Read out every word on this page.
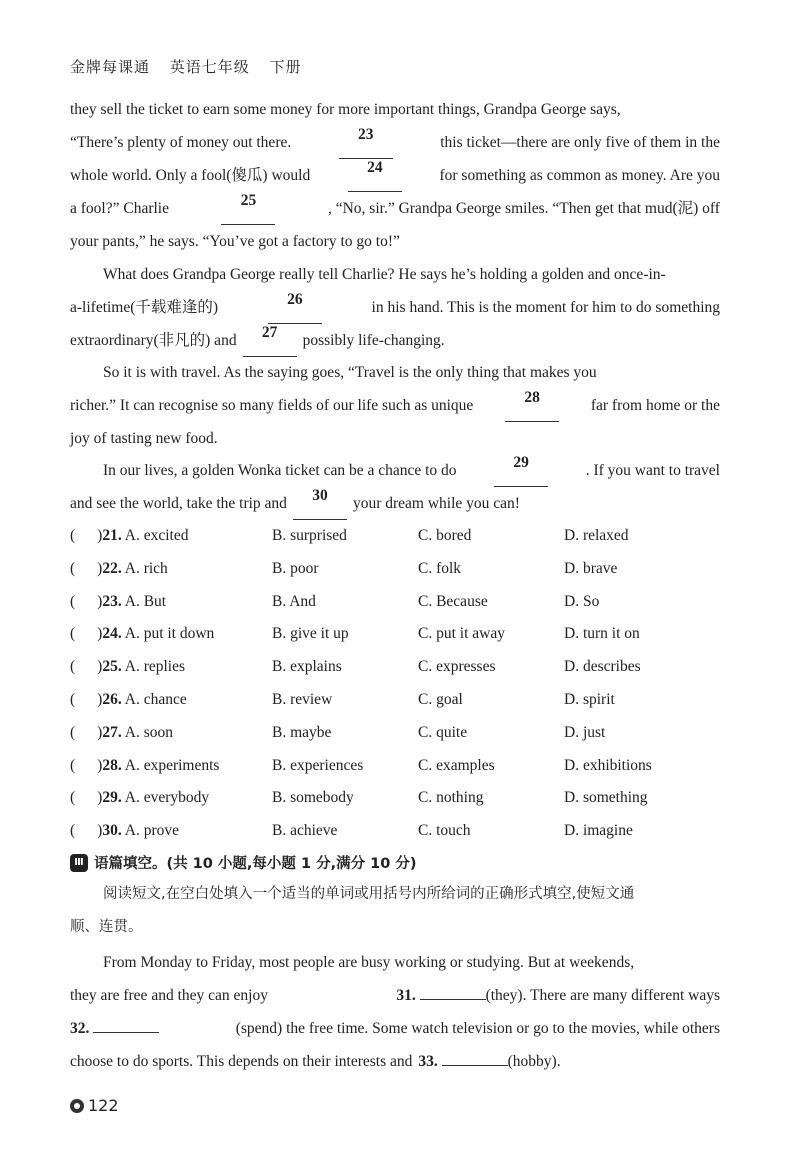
金牌每课通 英语七年级 下册
they sell the ticket to earn some money for more important things, Grandpa George says,
“There’s plenty of money out there.	23	this ticket—there are only five of them in the
whole world. Only a fool(傻瓜) would	24	for something as common as money. Are you
a fool?” Charlie	25	, “No, sir.” Grandpa George smiles. “Then get that mud(泥) off
your pants,” he says. “You’ve got a factory to go to!”
What does Grandpa George really tell Charlie? He says he’s holding a golden and once-in-
a-lifetime(千载难逢的)	26	in his hand. This is the moment for him to do something
extraordinary(非凡的) and	27	possibly life-changing.
So it is with travel. As the saying goes, “Travel is the only thing that makes you
richer.” It can recognise so many fields of our life such as unique	28	far from home or the
joy of tasting new food.
In our lives, a golden Wonka ticket can be a chance to do	29	. If you want to travel
and see the world, take the trip and	30	your dream while you can!
( )21. A. excited	B. surprised	C. bored	D. relaxed
( )22. A. rich	B. poor	C. folk	D. brave
( )23. A. But	B. And	C. Because	D. So
( )24. A. put it down	B. give it up	C. put it away	D. turn it on
( )25. A. replies	B. explains	C. expresses	D. describes
( )26. A. chance	B. review	C. goal	D. spirit
( )27. A. soon	B. maybe	C. quite	D. just
( )28. A. experiments	B. experiences	C. examples	D. exhibitions
( )29. A. everybody	B. somebody	C. nothing	D. something
( )30. A. prove	B. achieve	C. touch	D. imagine
Ⅲ 语篇填空。(共 10 小题,每小题 1 分,满分 10 分)
阅读短文,在空白处填入一个适当的单词或用括号内所给词的正确形式填空,使短文通
顺、连贯。
From Monday to Friday, most people are busy working or studying. But at weekends,
they are free and they can enjoy	31.	(they). There are many different ways
32.	(spend) the free time. Some watch television or go to the movies, while others
choose to do sports. This depends on their interests and 33.	(hobby).
122
